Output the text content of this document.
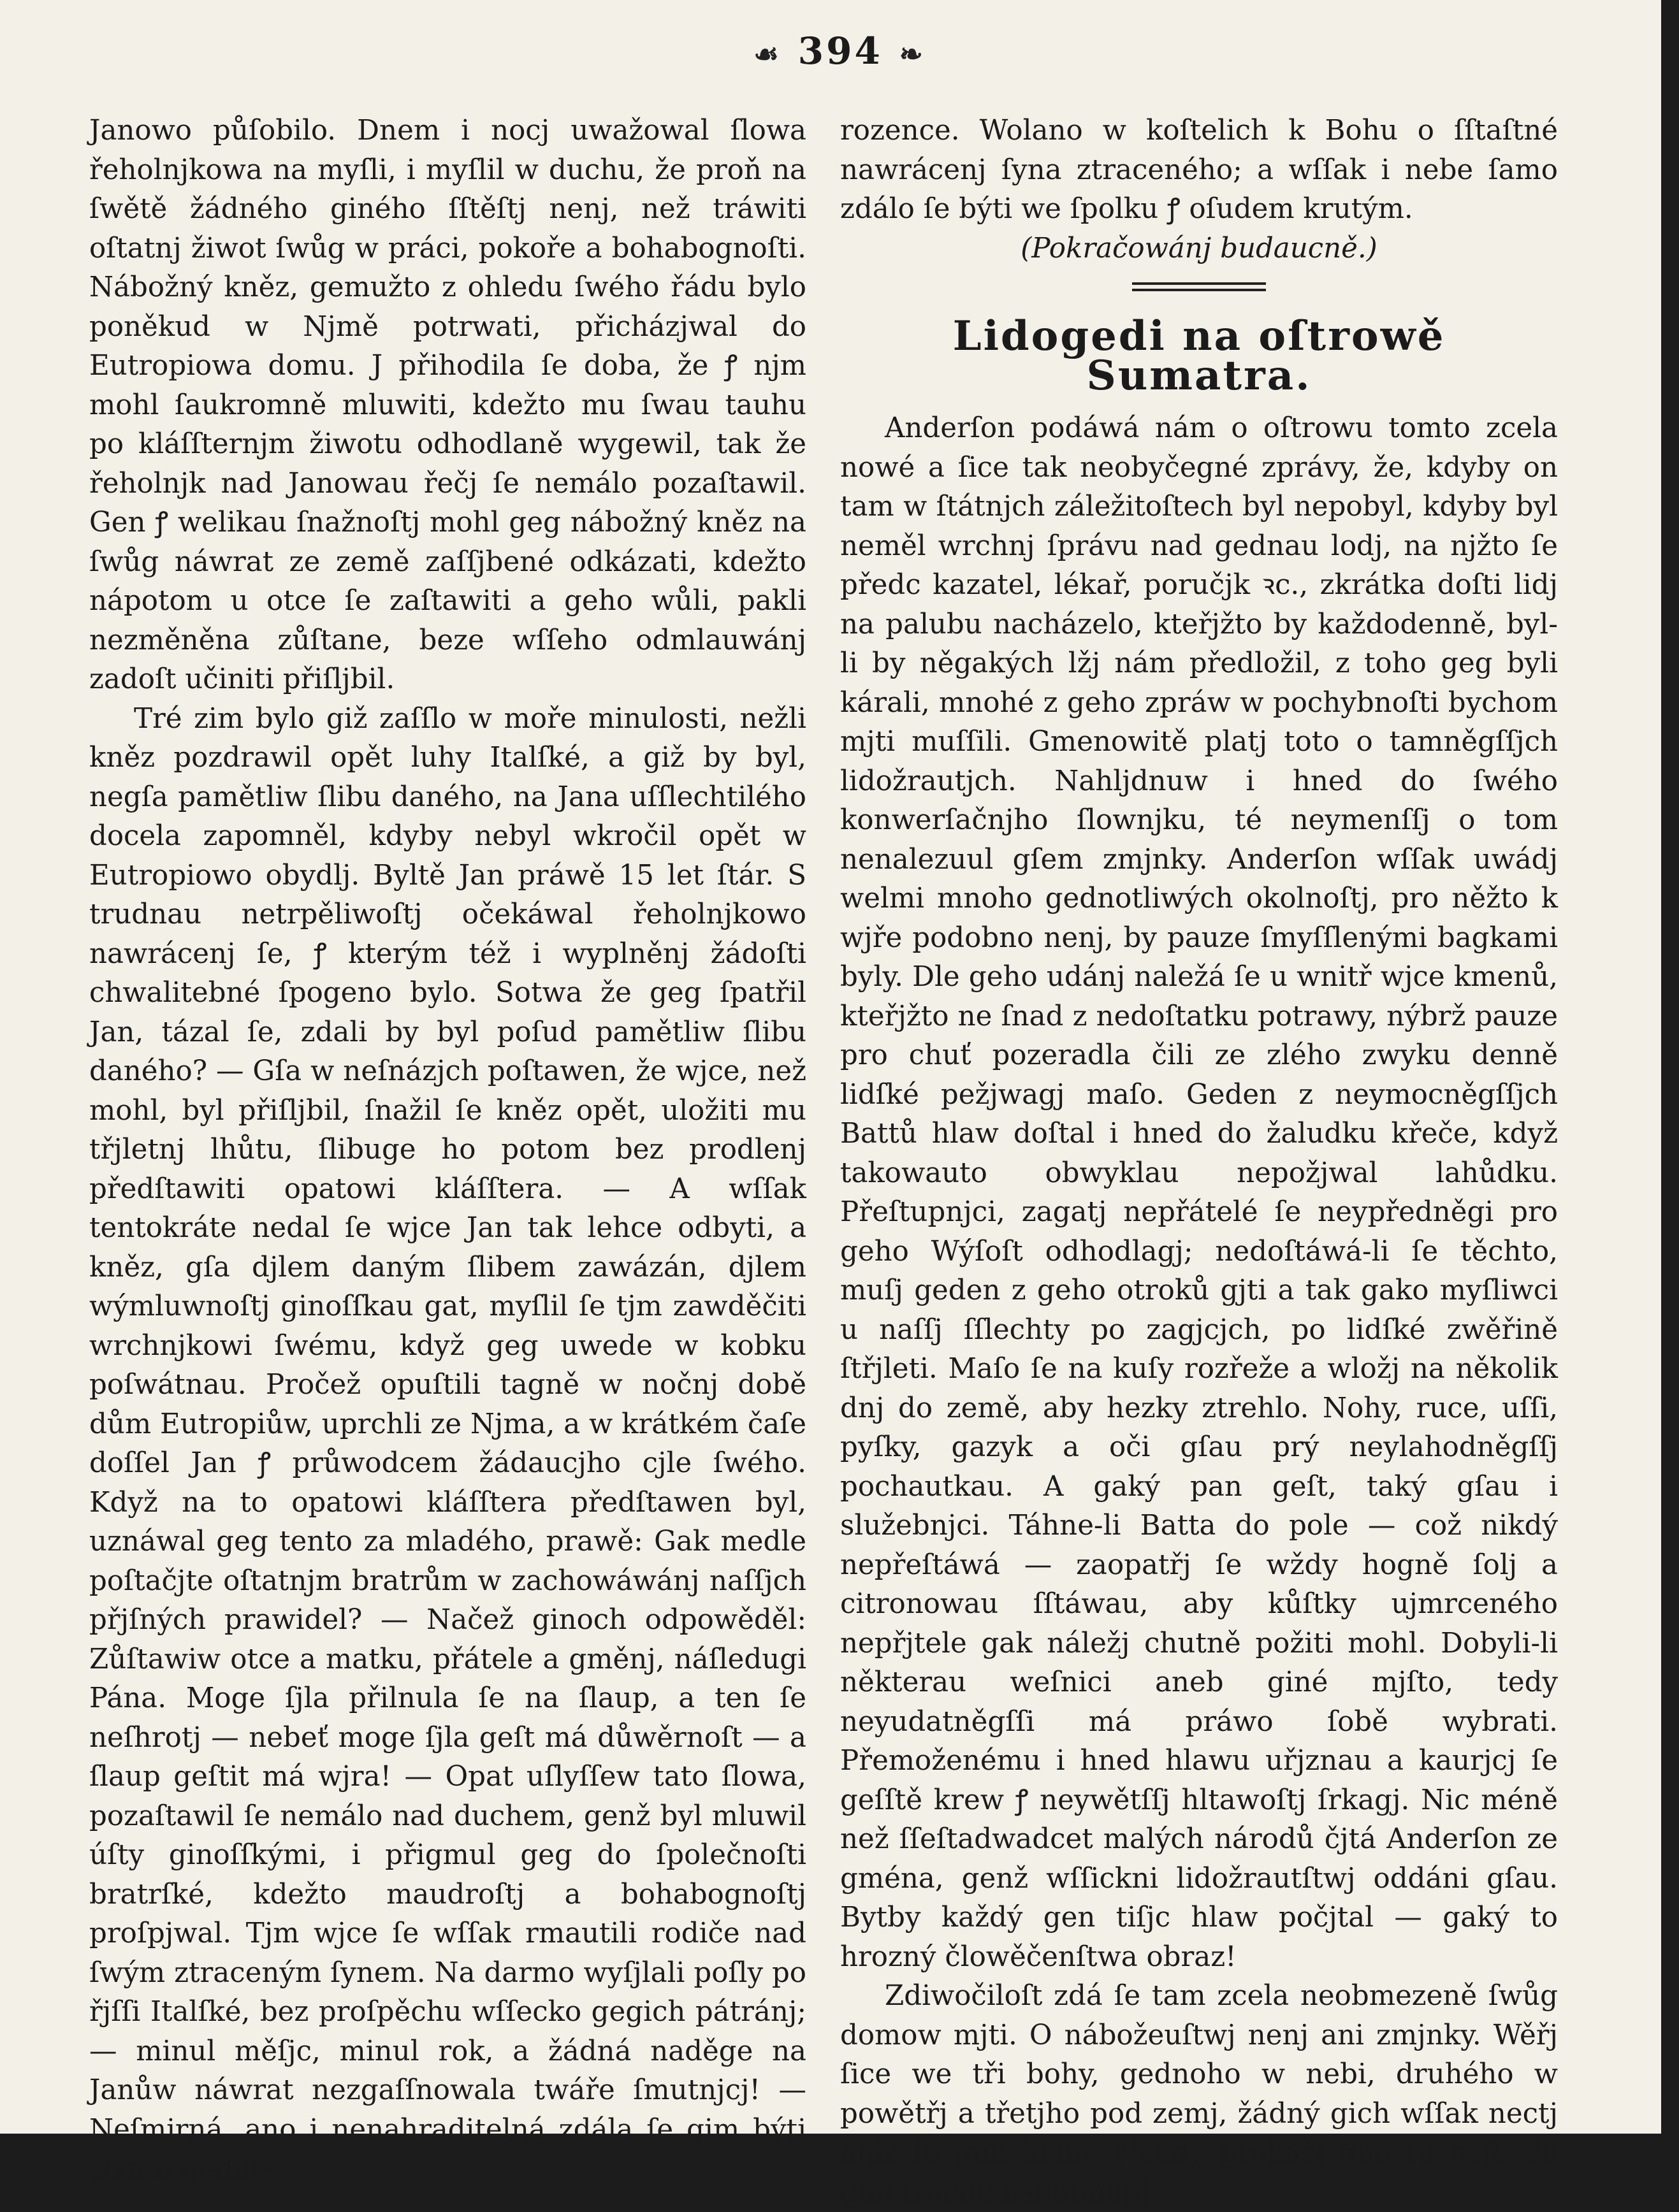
☙ 394 ❧

Janowo půſobilo. Dnem i nocj uwažowal ſlowa řeholnjkowa na myſli, i myſlil w duchu, že proň na ſwětě žádného giného ſſtěſtj nenj, než tráwiti oſtatnj žiwot ſwůg w práci, pokoře a bohabognoſti. Nábožný kněz, gemužto z ohledu ſwého řádu bylo poněkud w Njmě potrwati, přicházjwal do Eutropiowa domu. J přihodila ſe doba, že ꝭ njm mohl ſaukromně mluwiti, kdežto mu ſwau tauhu po kláſſternjm žiwotu odhodlaně wygewil, tak že řeholnjk nad Janowau řečj ſe nemálo pozaſtawil. Gen ꝭ welikau ſnažnoſtj mohl geg nábožný kněz na ſwůg náwrat ze země zaſſjbené odkázati, kdežto nápotom u otce ſe zaſtawiti a geho wůli, pakli nezměněna zůſtane, beze wſſeho odmlauwánj zadoſt učiniti přiſljbil.

Tré zim bylo giž zaſſlo w moře minulosti, nežli kněz pozdrawil opět luhy Italſké, a giž by byl, negſa pamětliw ſlibu daného, na Jana uſſlechtilého docela zapomněl, kdyby nebyl wkročil opět w Eutropiowo obydlj. Byltě Jan práwě 15 let ſtár. S trudnau netrpěliwoſtj očekáwal řeholnjkowo nawrácenj ſe, ꝭ kterým též i wyplněnj žádoſti chwalitebné ſpogeno bylo. Sotwa že geg ſpatřil Jan, tázal ſe, zdali by byl poſud pamětliw ſlibu daného? — Gſa w neſnázjch poſtawen, že wjce, než mohl, byl přiſljbil, ſnažil ſe kněz opět, uložiti mu třjletnj lhůtu, ſlibuge ho potom bez prodlenj předſtawiti opatowi kláſſtera. — A wſſak tentokráte nedal ſe wjce Jan tak lehce odbyti, a kněz, gſa djlem daným ſlibem zawázán, djlem wýmluwnoſtj ginoſſkau gat, myſlil ſe tjm zawděčiti wrchnjkowi ſwému, když geg uwede w kobku poſwátnau. Pročež opuſtili tagně w nočnj době dům Eutropiůw, uprchli ze Njma, a w krátkém čaſe doſſel Jan ꝭ průwodcem žádaucjho cjle ſwého. Když na to opatowi kláſſtera předſtawen byl, uznáwal geg tento za mladého, prawě: Gak medle poſtačjte oſtatnjm bratrům w zachowáwánj naſſjch přjſných prawidel? — Načež ginoch odpowěděl: Zůſtawiw otce a matku, přátele a gměnj, náſledugi Pána. Moge ſjla přilnula ſe na ſlaup, a ten ſe neſhrotj — nebeť moge ſjla geſt má důwěrnoſt — a ſlaup geſtit má wjra! — Opat uſlyſſew tato ſlowa, pozaſtawil ſe nemálo nad duchem, genž byl mluwil úſty ginoſſkými, i přigmul geg do ſpolečnoſti bratrſké, kdežto maudroſtj a bohabognoſtj proſpjwal. Tjm wjce ſe wſſak rmautili rodiče nad ſwým ztraceným ſynem. Na darmo wyſjlali poſly po řjſſi Italſké, bez proſpěchu wſſecko gegich pátránj; — minul měſjc, minul rok, a žádná naděge na Janůw náwrat nezgaſſnowala twáře ſmutnjcj! — Neſmjrná, ano i nenahraditelná zdála ſe gim býti ztráta gedno-

rozence. Wolano w koſtelich k Bohu o ſſtaſtné nawrácenj ſyna ztraceného; a wſſak i nebe ſamo zdálo ſe býti we ſpolku ꝭ oſudem krutým.

(Pokračowánj budaucně.)

Lidogedi na oſtrowě Sumatra.

Anderſon podáwá nám o oſtrowu tomto zcela nowé a ſice tak neobyčegné zprávy, že, kdyby on tam w ſtátnjch záležitoſtech byl nepobyl, kdyby byl neměl wrchnj ſprávu nad gednau lodj, na njžto ſe předc kazatel, lékař, poručjk ꝛc., zkrátka doſti lidj na palubu nacházelo, kteřjžto by každodenně, byl-li by něgakých lžj nám předložil, z toho geg byli kárali, mnohé z geho zpráw w pochybnoſti bychom mjti muſſili. Gmenowitě platj toto o tamněgſſjch lidožrautjch. Nahljdnuw i hned do ſwého konwerſačnjho ſlownjku, té neymenſſj o tom nenalezuul gſem zmjnky. Anderſon wſſak uwádj welmi mnoho gednotliwých okolnoſtj, pro něžto k wjře podobno nenj, by pauze ſmyſſlenými bagkami byly. Dle geho udánj naležá ſe u wnitř wjce kmenů, kteřjžto ne ſnad z nedoſtatku potrawy, nýbrž pauze pro chuť pozeradla čili ze zlého zwyku denně lidſké pežjwagj maſo. Geden z neymocněgſſjch Battů hlaw doſtal i hned do žaludku křeče, když takowauto obwyklau nepožjwal lahůdku. Přeſtupnjci, zagatj nepřátelé ſe neypředněgi pro geho Wýſoſt odhodlagj; nedoſtáwá-li ſe těchto, muſj geden z geho otroků gjti a tak gako myſliwci u naſſj ſſlechty po zagjcjch, po lidſké zwěřině ſtřjleti. Maſo ſe na kuſy rozřeže a wložj na několik dnj do země, aby hezky ztrehlo. Nohy, ruce, uſſi, pyſky, gazyk a oči gſau prý neylahodněgſſj pochautkau. A gaký pan geſt, taký gſau i služebnjci. Táhne-li Batta do pole — což nikdý nepřeſtáwá — zaopatřj ſe wždy hogně ſolj a citronowau ſſtáwau, aby kůſtky ujmrceného nepřjtele gak náležj chutně požiti mohl. Dobyli-li některau weſnici aneb giné mjſto, tedy neyudatněgſſi má práwo ſobě wybrati. Přemoženému i hned hlawu uřjznau a kaurjcj ſe geſſtě krew ꝭ neywětſſj hltawoſtj ſrkagj. Nic méně než ſſeſtadwadcet malých národů čjtá Anderſon ze gména, genž wſſickni lidožrautſtwj oddáni gſau. Bytby každý gen tiſjc hlaw počjtal — gaký to hrozný člowěčenſtwa obraz!

Zdiwočiloſt zdá ſe tam zcela neobmezeně ſwůg domow mjti. O nábožeuſtwj nenj ani zmjnky. Wěřj ſice we tři bohy, gednoho w nebi, druhého w powětřj a třetjho pod zemj, žádný gich wſſak nectj aniž ſe gim klanj. Někdy prokážj gim tu čeſt, že gim trochu zabubnugj.
